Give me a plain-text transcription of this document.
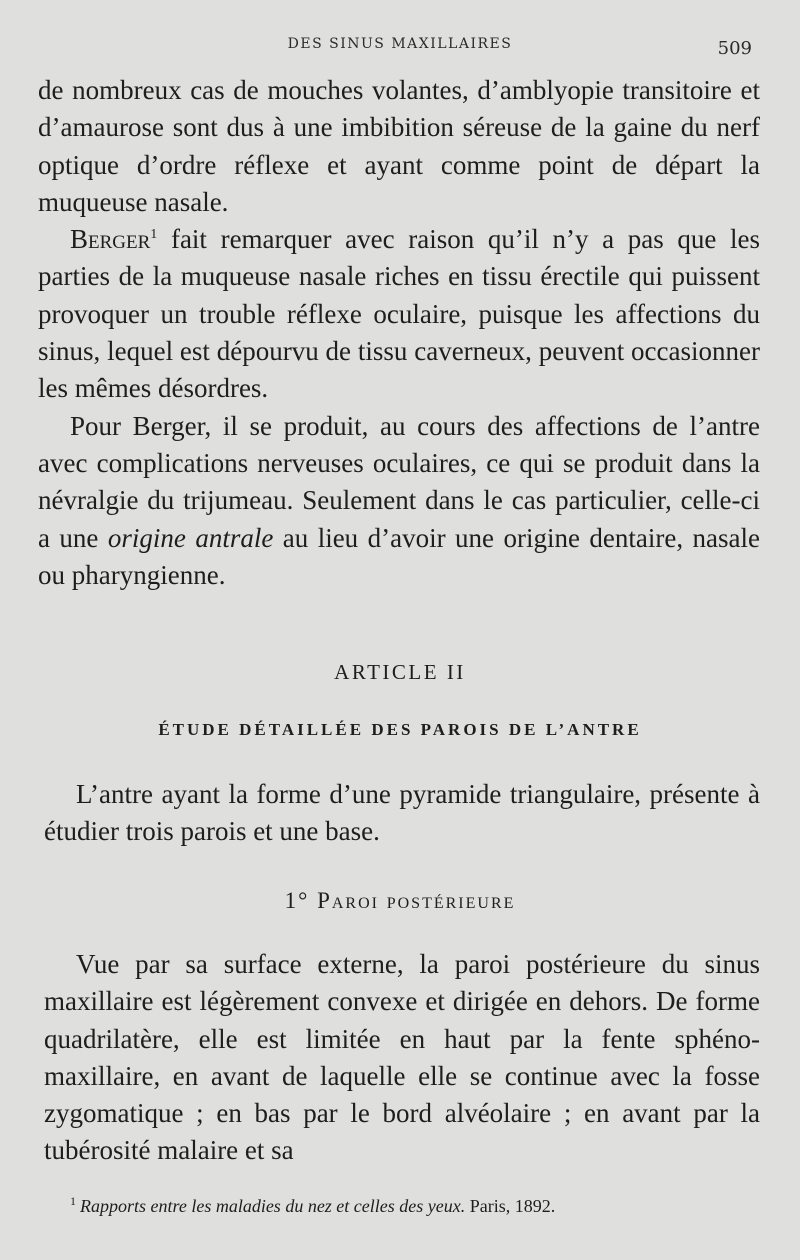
DES SINUS MAXILLAIRES	509

de nombreux cas de mouches volantes, d’amblyopie transitoire et d’amaurose sont dus à une imbibition séreuse de la gaine du nerf optique d’ordre réflexe et ayant comme point de départ la muqueuse nasale.

Berger$^1$ fait remarquer avec raison qu’il n’y a pas que les parties de la muqueuse nasale riches en tissu érectile qui puissent provoquer un trouble réflexe oculaire, puisque les affections du sinus, lequel est dépourvu de tissu caverneux, peuvent occasionner les mêmes désordres.

Pour Berger, il se produit, au cours des affections de l’antre avec complications nerveuses oculaires, ce qui se produit dans la névralgie du trijumeau. Seulement dans le cas particulier, celle-ci a une origine antrale au lieu d’avoir une origine dentaire, nasale ou pharyngienne.

ARTICLE II
ÉTUDE DÉTAILLÉE DES PAROIS DE L’ANTRE

L’antre ayant la forme d’une pyramide triangulaire, présente à étudier trois parois et une base.

1° Paroi postérieure

Vue par sa surface externe, la paroi postérieure du sinus maxillaire est légèrement convexe et dirigée en dehors. De forme quadrilatère, elle est limitée en haut par la fente sphéno-maxillaire, en avant de laquelle elle se continue avec la fosse zygomatique ; en bas par le bord alvéolaire ; en avant par la tubérosité malaire et sa

$^1$ Rapports entre les maladies du nez et celles des yeux. Paris, 1892.
